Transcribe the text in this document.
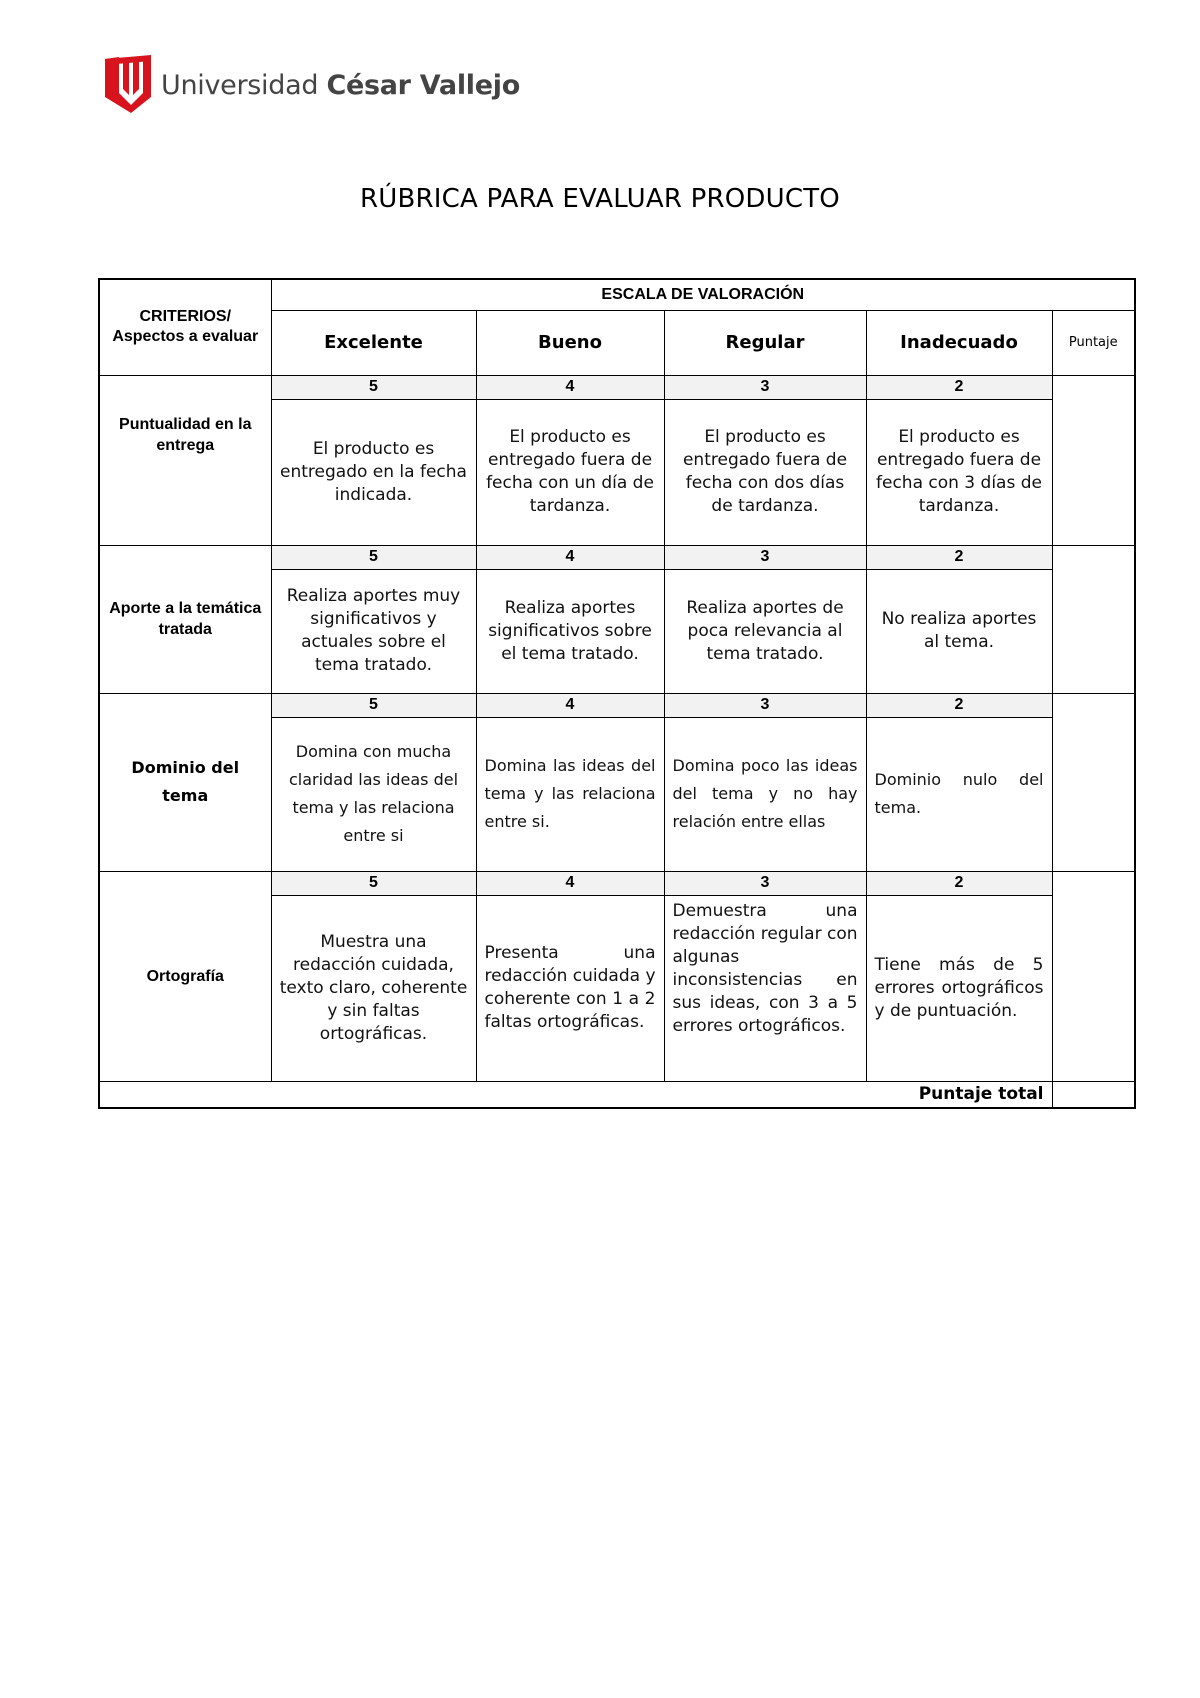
Universidad César Vallejo
RÚBRICA PARA EVALUAR PRODUCTO
CRITERIOS/ Aspectos a evaluar	ESCALA DE VALORACIÓN				
	Excelente	Bueno	Regular	Inadecuado	Puntaje
Puntualidad en la entrega	5	4	3	2	
	El producto es entregado en la fecha indicada.	El producto es entregado fuera de fecha con un día de tardanza.	El producto es entregado fuera de fecha con dos días de tardanza.	El producto es entregado fuera de fecha con 3 días de tardanza.	
Aporte a la temática tratada	5	4	3	2	
	Realiza aportes muy significativos y actuales sobre el tema tratado.	Realiza aportes significativos sobre el tema tratado.	Realiza aportes de poca relevancia al tema tratado.	No realiza aportes al tema.	
Dominio del tema	5	4	3	2	
	Domina con mucha claridad las ideas del tema y las relaciona entre si	Domina las ideas del tema y las relaciona entre si.	Domina poco las ideas del tema y no hay relación entre ellas	Dominio nulo del tema.	
Ortografía	5	4	3	2	
	Muestra una redacción cuidada, texto claro, coherente y sin faltas ortográficas.	Presenta una redacción cuidada y coherente con 1 a 2 faltas ortográficas.	Demuestra una redacción regular con algunas inconsistencias en sus ideas, con 3 a 5 errores ortográficos.	Tiene más de 5 errores ortográficos y de puntuación.	
Puntaje total					
